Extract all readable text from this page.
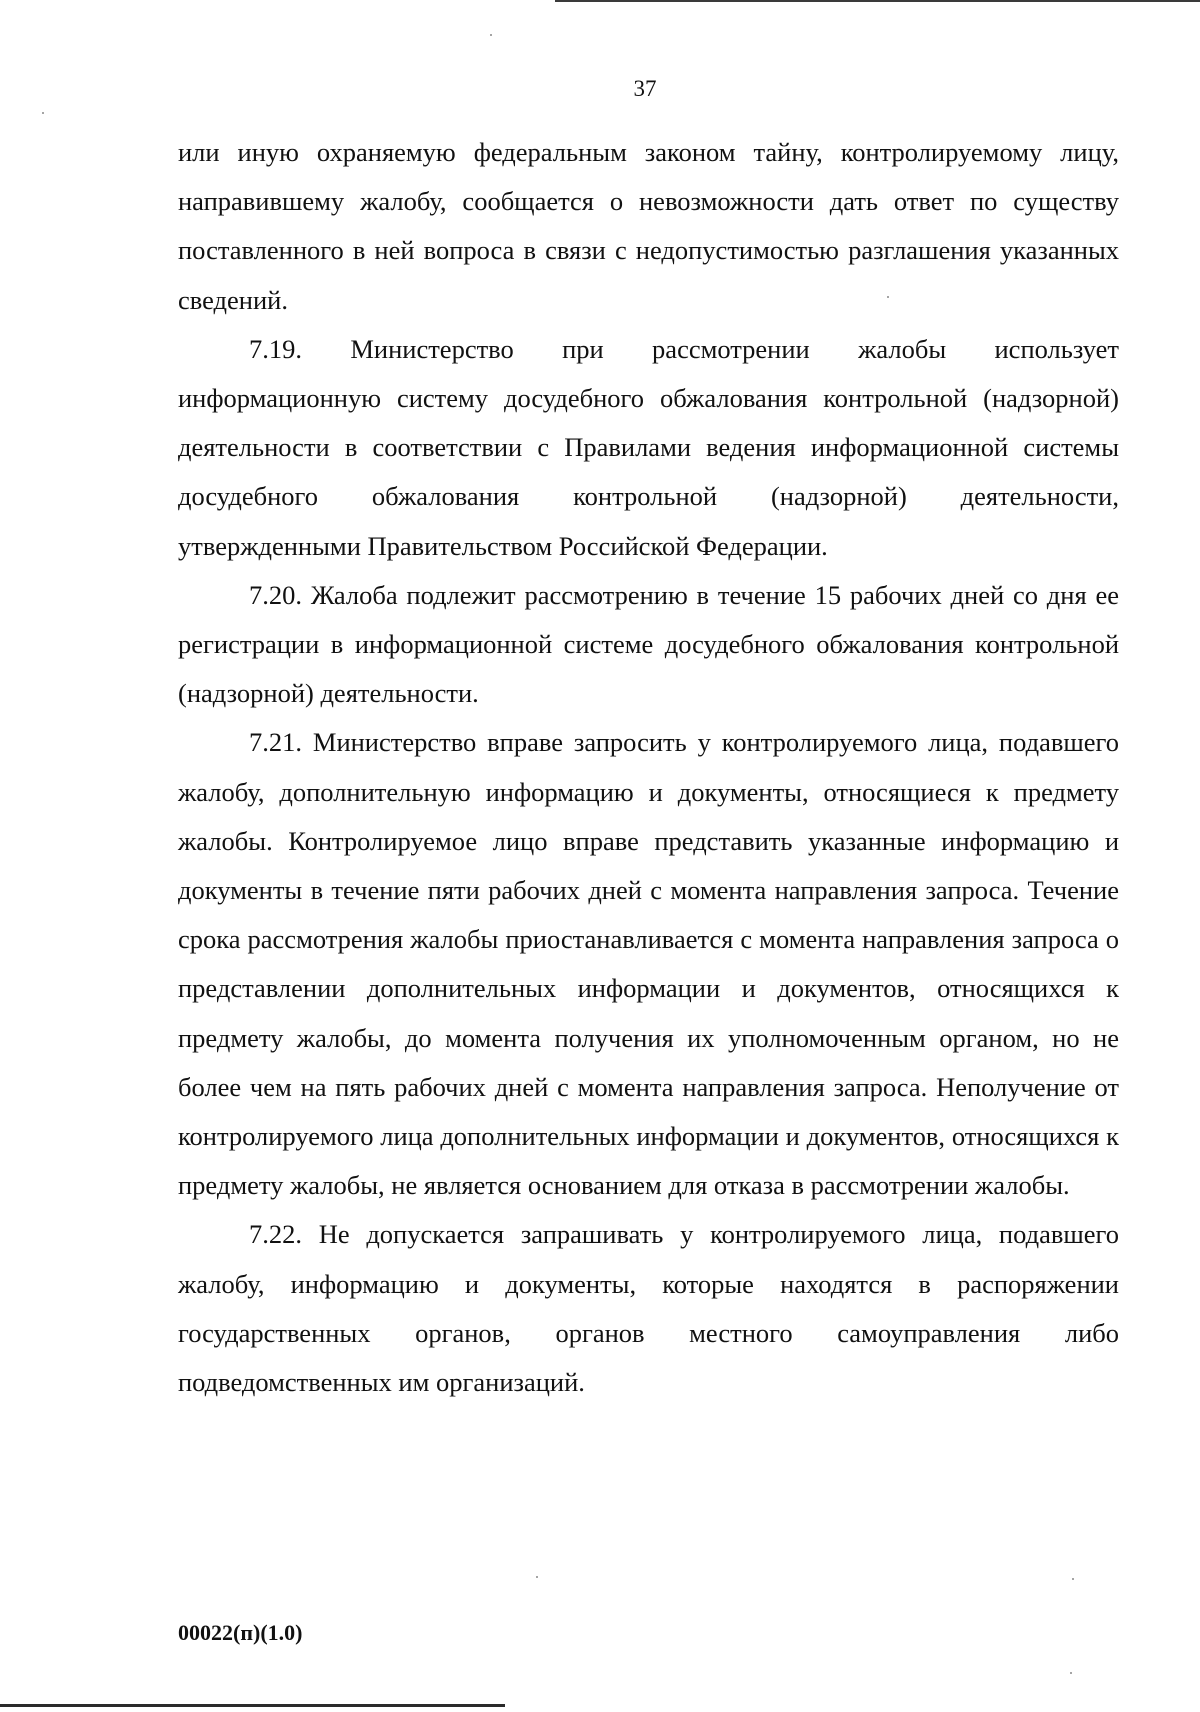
37

или иную охраняемую федеральным законом тайну, контролируемому лицу, направившему жалобу, сообщается о невозможности дать ответ по существу поставленного в ней вопроса в связи с недопустимостью разглашения указанных сведений.

7.19. Министерство при рассмотрении жалобы использует информационную систему досудебного обжалования контрольной (надзорной) деятельности в соответствии с Правилами ведения информационной системы досудебного обжалования контрольной (надзорной) деятельности, утвержденными Правительством Российской Федерации.

7.20. Жалоба подлежит рассмотрению в течение 15 рабочих дней со дня ее регистрации в информационной системе досудебного обжалования контрольной (надзорной) деятельности.

7.21. Министерство вправе запросить у контролируемого лица, подавшего жалобу, дополнительную информацию и документы, относящиеся к предмету жалобы. Контролируемое лицо вправе представить указанные информацию и документы в течение пяти рабочих дней с момента направления запроса. Течение срока рассмотрения жалобы приостанавливается с момента направления запроса о представлении дополнительных информации и документов, относящихся к предмету жалобы, до момента получения их уполномоченным органом, но не более чем на пять рабочих дней с момента направления запроса. Неполучение от контролируемого лица дополнительных информации и документов, относящихся к предмету жалобы, не является основанием для отказа в рассмотрении жалобы.

7.22. Не допускается запрашивать у контролируемого лица, подавшего жалобу, информацию и документы, которые находятся в распоряжении государственных органов, органов местного самоуправления либо подведомственных им организаций.

00022(п)(1.0)
